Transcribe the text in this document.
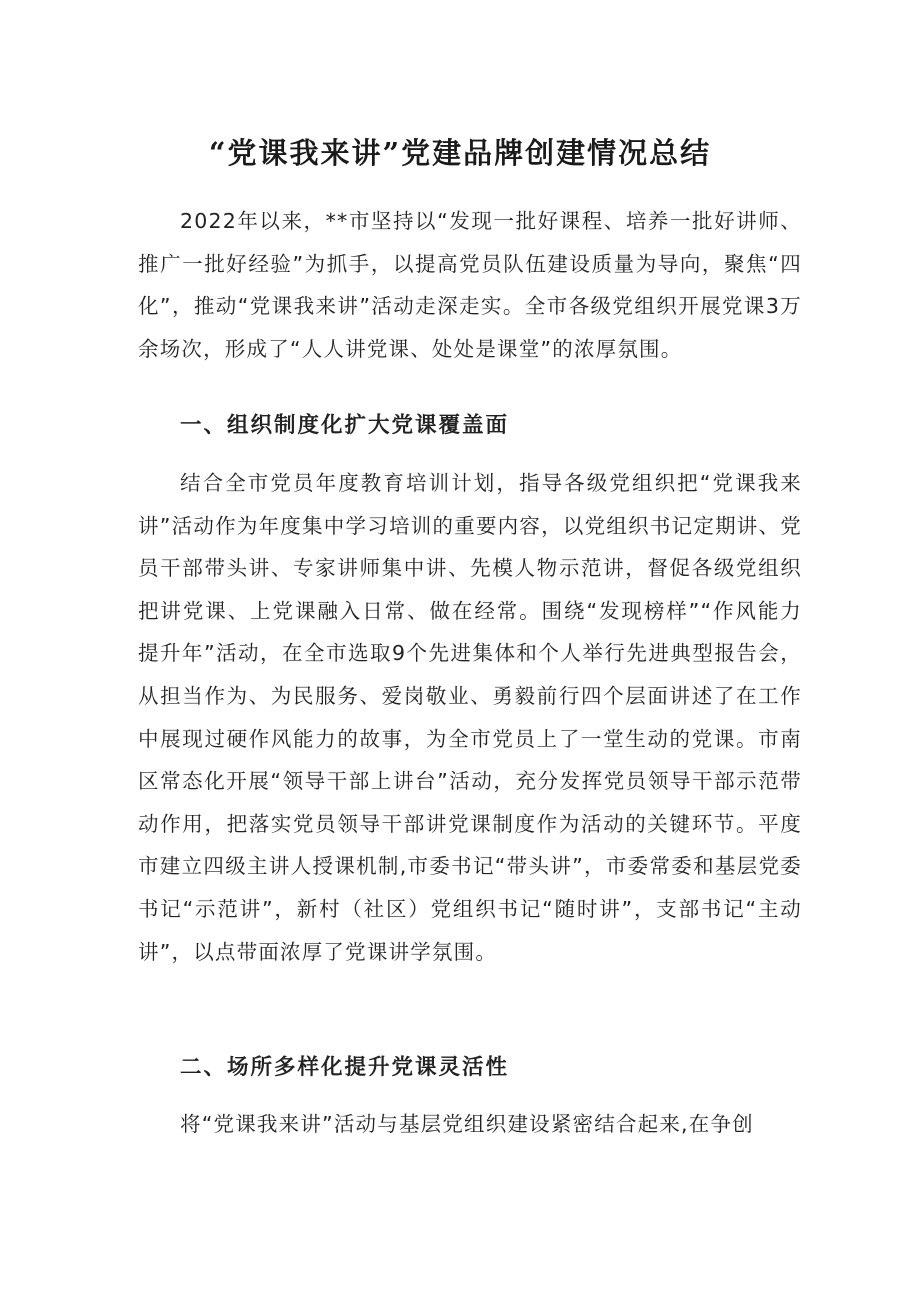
“党课我来讲”党建品牌创建情况总结

2022年以来，**市坚持以“发现一批好课程、培养一批好讲师、推广一批好经验”为抓手，以提高党员队伍建设质量为导向，聚焦“四化”，推动“党课我来讲”活动走深走实。全市各级党组织开展党课3万余场次，形成了“人人讲党课、处处是课堂”的浓厚氛围。

一、组织制度化扩大党课覆盖面

结合全市党员年度教育培训计划，指导各级党组织把“党课我来讲”活动作为年度集中学习培训的重要内容，以党组织书记定期讲、党员干部带头讲、专家讲师集中讲、先模人物示范讲，督促各级党组织把讲党课、上党课融入日常、做在经常。围绕“发现榜样”“作风能力提升年”活动，在全市选取9个先进集体和个人举行先进典型报告会，从担当作为、为民服务、爱岗敬业、勇毅前行四个层面讲述了在工作中展现过硬作风能力的故事，为全市党员上了一堂生动的党课。市南区常态化开展“领导干部上讲台”活动，充分发挥党员领导干部示范带动作用，把落实党员领导干部讲党课制度作为活动的关键环节。平度市建立四级主讲人授课机制,市委书记“带头讲”，市委常委和基层党委书记“示范讲”，新村（社区）党组织书记“随时讲”，支部书记“主动讲”，以点带面浓厚了党课讲学氛围。

二、场所多样化提升党课灵活性

将“党课我来讲”活动与基层党组织建设紧密结合起来,在争创
